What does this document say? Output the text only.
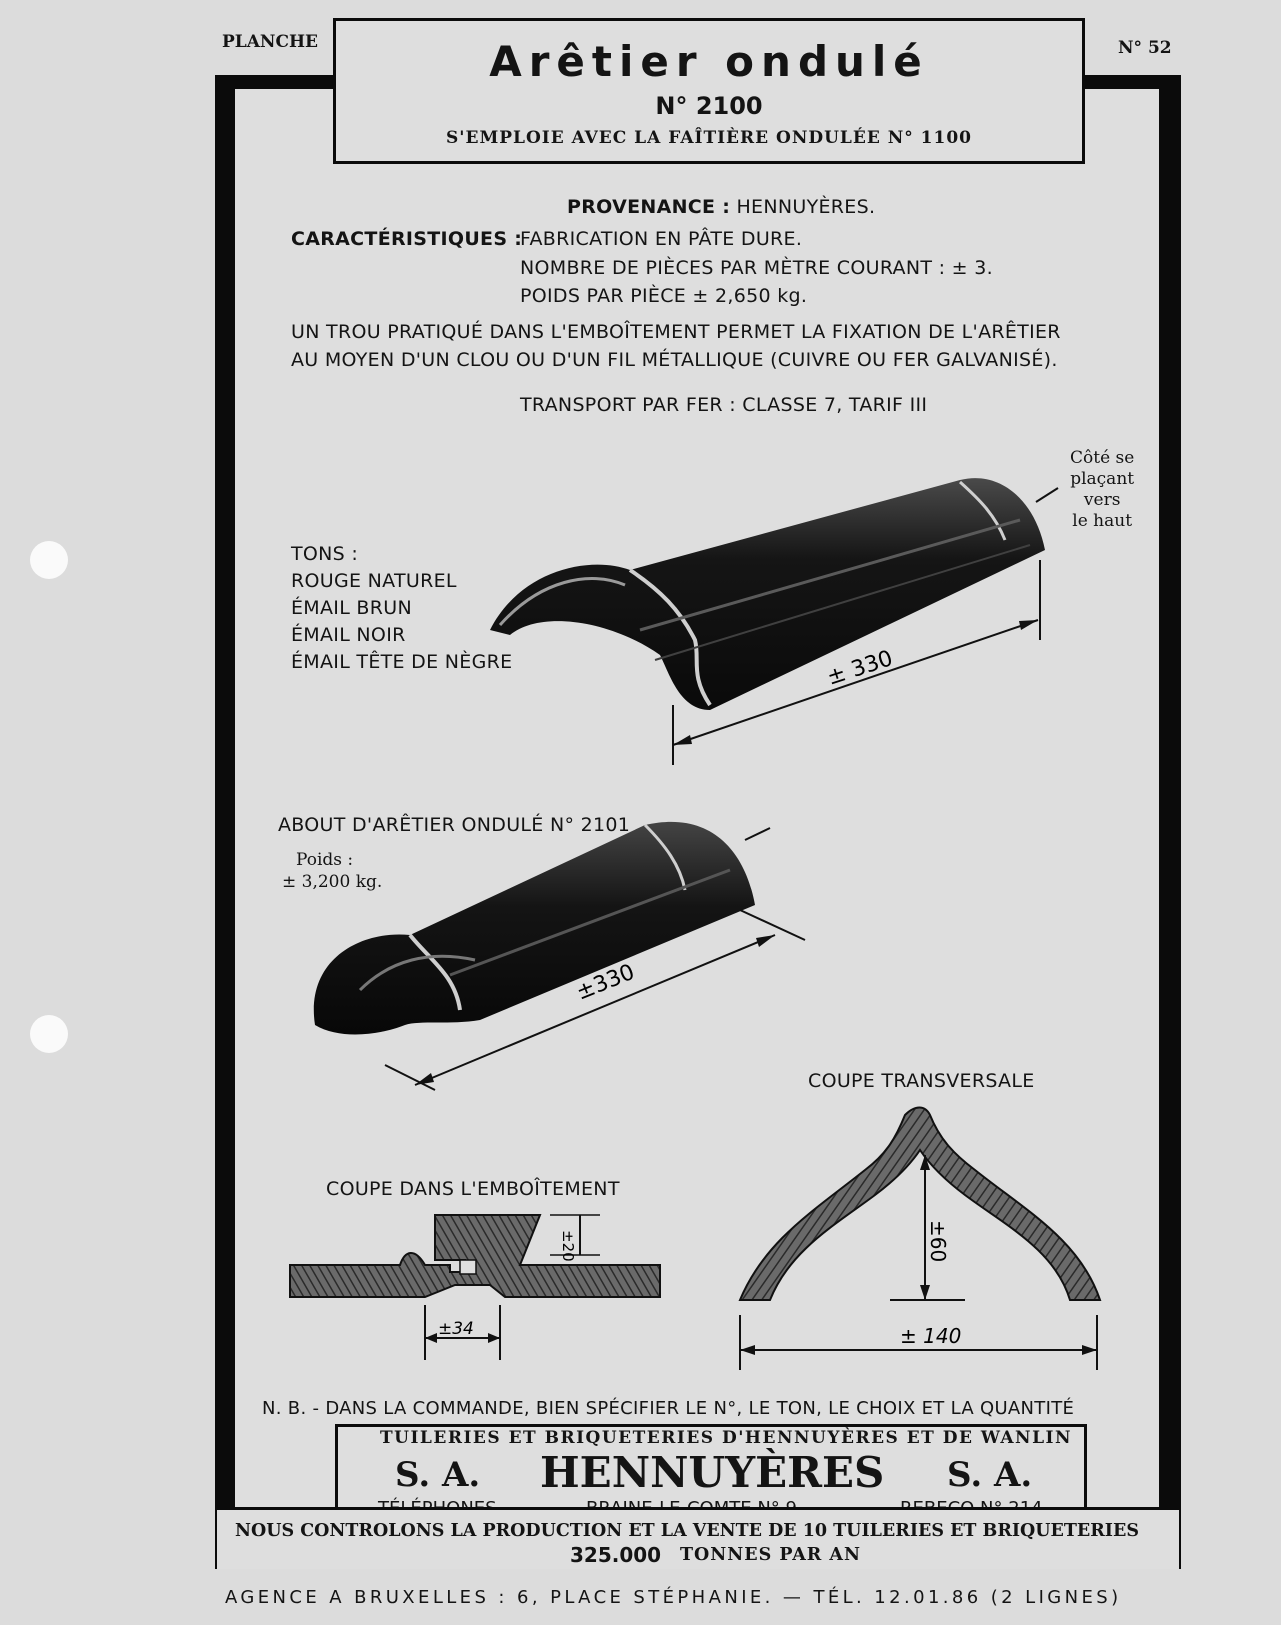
PLANCHE	N° 52
Arêtier ondulé
N° 2100
S'EMPLOIE AVEC LA FAÎTIÈRE ONDULÉE N° 1100
PROVENANCE : HENNUYÈRES.
CARACTÉRISTIQUES :
FABRICATION EN PÂTE DURE.
NOMBRE DE PIÈCES PAR MÈTRE COURANT : ± 3.
POIDS PAR PIÈCE ± 2,650 kg.
UN TROU PRATIQUÉ DANS L'EMBOÎTEMENT PERMET LA FIXATION DE L'ARÊTIER
AU MOYEN D'UN CLOU OU D'UN FIL MÉTALLIQUE (CUIVRE OU FER GALVANISÉ).
TRANSPORT PAR FER : CLASSE 7, TARIF III
TONS :
ROUGE NATUREL
ÉMAIL BRUN
ÉMAIL NOIR
ÉMAIL TÊTE DE NÈGRE
Côté se
plaçant
vers
le haut
± 330
ABOUT D'ARÊTIER ONDULÉ N° 2101
Poids :
± 3,200 kg.
±330
COUPE TRANSVERSALE
±60
± 140
COUPE DANS L'EMBOÎTEMENT
±20
±34
N. B. - DANS LA COMMANDE, BIEN SPÉCIFIER LE N°, LE TON, LE CHOIX ET LA QUANTITÉ
TUILERIES ET BRIQUETERIES D'HENNUYÈRES ET DE WANLIN
S. A. HENNUYÈRES S. A.
NOUS CONTROLONS LA PRODUCTION ET LA VENTE DE 10 TUILERIES ET BRIQUETERIES
325.000 TONNES PAR AN
AGENCE A BRUXELLES : 6, PLACE STÉPHANIE. — TÉL. 12.01.86 (2 LIGNES)
